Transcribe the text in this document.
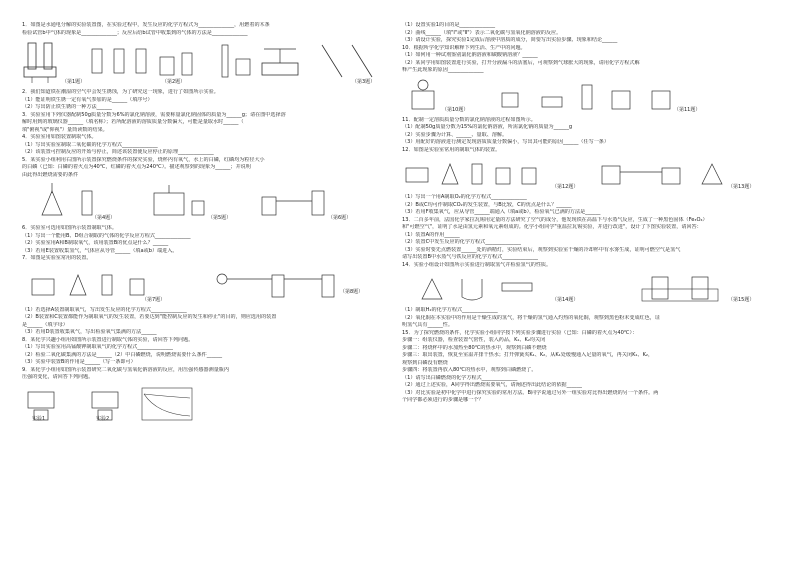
1．如图是水通电分解的实验装置图，在实验过程中，发生反应的化学方程式为______________，用燃着的木条

检验试管b中气体的现象是______________；反应后给b试管中收集到的气体的方法是______________

（第1题）	（第2题）	（第3题）

2．我们知道铁在潮湿的空气中会发生锈蚀，为了研究这一现象，进行了如图所示实验。

（1）能证明铁生锈一定有氧气参加的是______（填序号）

（2）写出防止铁生锈的一种方法______

3．实验室用下列仪器配制50g质量分数为6%的氯化钠溶液，需要称量氯化钠固体的质量为______g；请在图中选择溶

解时用到的玻璃仪器______（填名称）；若所配溶液的溶质质量分数偏大，可能是量取水时______（

填"俯视"或"仰视"）量筒读数的结果。

4．实验室用如图装置制取气体。

（1）写出实验室制取二氧化碳的化学方程式______________

（2）该装置可控制反应的开始与停止，简述该装置使反应停止的原理______________

5．某实验小组利用右图所示装置探究燃烧条件的探究实验，烧杯内有氧气，水上的白磷，红磷均为粒径大小

的白磷（已知：白磷的着火点为40℃，红磷的着火点为240℃）。描述观察到的现象为______；并说明

由此得出燃烧需要的条件

（第4题）	（第5题）	（第6题）

6．实验室可选用如图所示装置制取气体。

（1）写出一个能用B、D组合制取的气体的化学反应方程式______________

（2）实验室用A和B制取氧气，该用装置B的优点是什么？______

（3）若用E装置收集氢气，气体应从导管______（填a或b）端进入。

7．如图是实验室常用的装置。

（第7题）
（第8题）

（1）若选择A装置制取氧气，写出发生反应的化学方程式______________

（2）B装置和C装置都能作为制取氧气的发生装置，若要达到"能控制反应的发生和停止"的目的，则应选用的装置

是______（填字母）

（3）若用D装置收集氧气，写出检验氧气集满的方法______

8．某化学兴趣小组用如图所示装置进行制取气体的实验，请回答下列问题。

（1）写出实验室用高锰酸钾制取氧气的化学方程式______________

（2）检验二氧化碳集满的方法是______（2）中白磷燃烧，说明燃烧需要什么条件______

（3）实验中装置B的作用是______（写一条即可）

9．某化学小组用如图所示装置研究二氧化碳与氢氧化钠溶液的反应，用压强传感器测量瓶内

压强的变化，请回答下列问题。

实验1	实验2

（1）设置实验1的目的是______________

（2）曲线______（填"Ⅰ"或"Ⅱ"）表示二氧化碳与氢氧化钠溶液的反应。

（3）请设计实验，探究实验1完成后溶液中溶质的成分，简要写出实验步骤、现象和结论______

10．根据所学化学知识解释下列生活、生产中的问题。

（1）如何用一种试剂鉴别氯化钠溶液和碳酸钠溶液？______

（2）某同学用如图装置进行实验，打开分液漏斗的活塞后，可观察到气球胀大的现象，请用化学方程式解

释产生此现象的原因______________

（第10题）	（第11题）

11．配制一定溶质质量分数的氯化钠溶液的过程如图所示。

（1）配制50g质量分数为15%的氯化钠溶液，所需氯化钠的质量为______g

（2）实验步骤为计算、______、量取、溶解。

（3）用配好的溶液进行测定发现溶质质量分数偏小，写出其可能的原因______（任写一条）

12．如图是实验室常用的制取气体的装置。

（第12题）	（第13题）

（1）写出一个用A制取O₂的化学方程式______________

（2）B或C均可作制取CO₂的发生装置，与B比较，C的优点是什么？______

（3）若用F收集氧气，应从导管______端通入（填a或b），检验氧气已满的方法是______

13．二百多年前，法国化学家拉瓦锡用定量的方法研究了空气的成分，他发现铁在高温下与水蒸气反应，生成了一种黑色固体（Fe₃O₄）

和"可燃空气"，证明了水是由氢元素和氧元素组成的。化学小组同学"重温拉瓦锡实验，并进行改进"，设计了下图实验装置，请回答：

（1）装置A的作用______

（2）装置C中发生反应的化学方程式______________

（3）实验时要先点燃装置______处的酒精灯，实验结束后，观察到实验室干燥的冷却杯中有水雾生成，证明可燃空气是氢气

请写出装置B中水蒸气与铁反应的化学方程式______________

14．实验小组设计如图所示实验进行制取氢气并检验氢气的性质。

（第14题）	（第15题）

（1）制取H₂的化学方程式______________

（2）氧化铜在本实验中的作用是干燥生成的氢气，将干燥的氢气通入灼热的氧化铜，观察到黑色粉末变成红色，证

明氢气具有______性。

15．为了探究燃烧的条件，化学实验小组同学按下列实验步骤进行实验（已知：白磷的着火点为40℃）：

步骤一：组装仪器，检查装置气密性，装入药品，K₁、K₂均关闭

步骤二：将烧杯中的水加热至80℃的热水中，观察到白磷不燃烧

步骤三：取出装置，恢复至室温并排干热水；打开弹簧夹K₁、K₂，从K₁处缓慢通入足量的氧气，再关闭K₁、K₂，

观察到白磷没有燃烧

步骤四：将装置再放入80℃的热水中，观察到白磷燃烧了。

（1）请写出白磷燃烧的化学方程式______________

（2）通过上述实验，A同学得出燃烧需要氧气，请阐述得出此结论的依据______

（3）对比实验是初中化学中进行探究实验的常用方法。B同学说通过另外一组实验对比得出燃烧的另一个条件。两

个同学都必须进行的步骤是哪一个？
